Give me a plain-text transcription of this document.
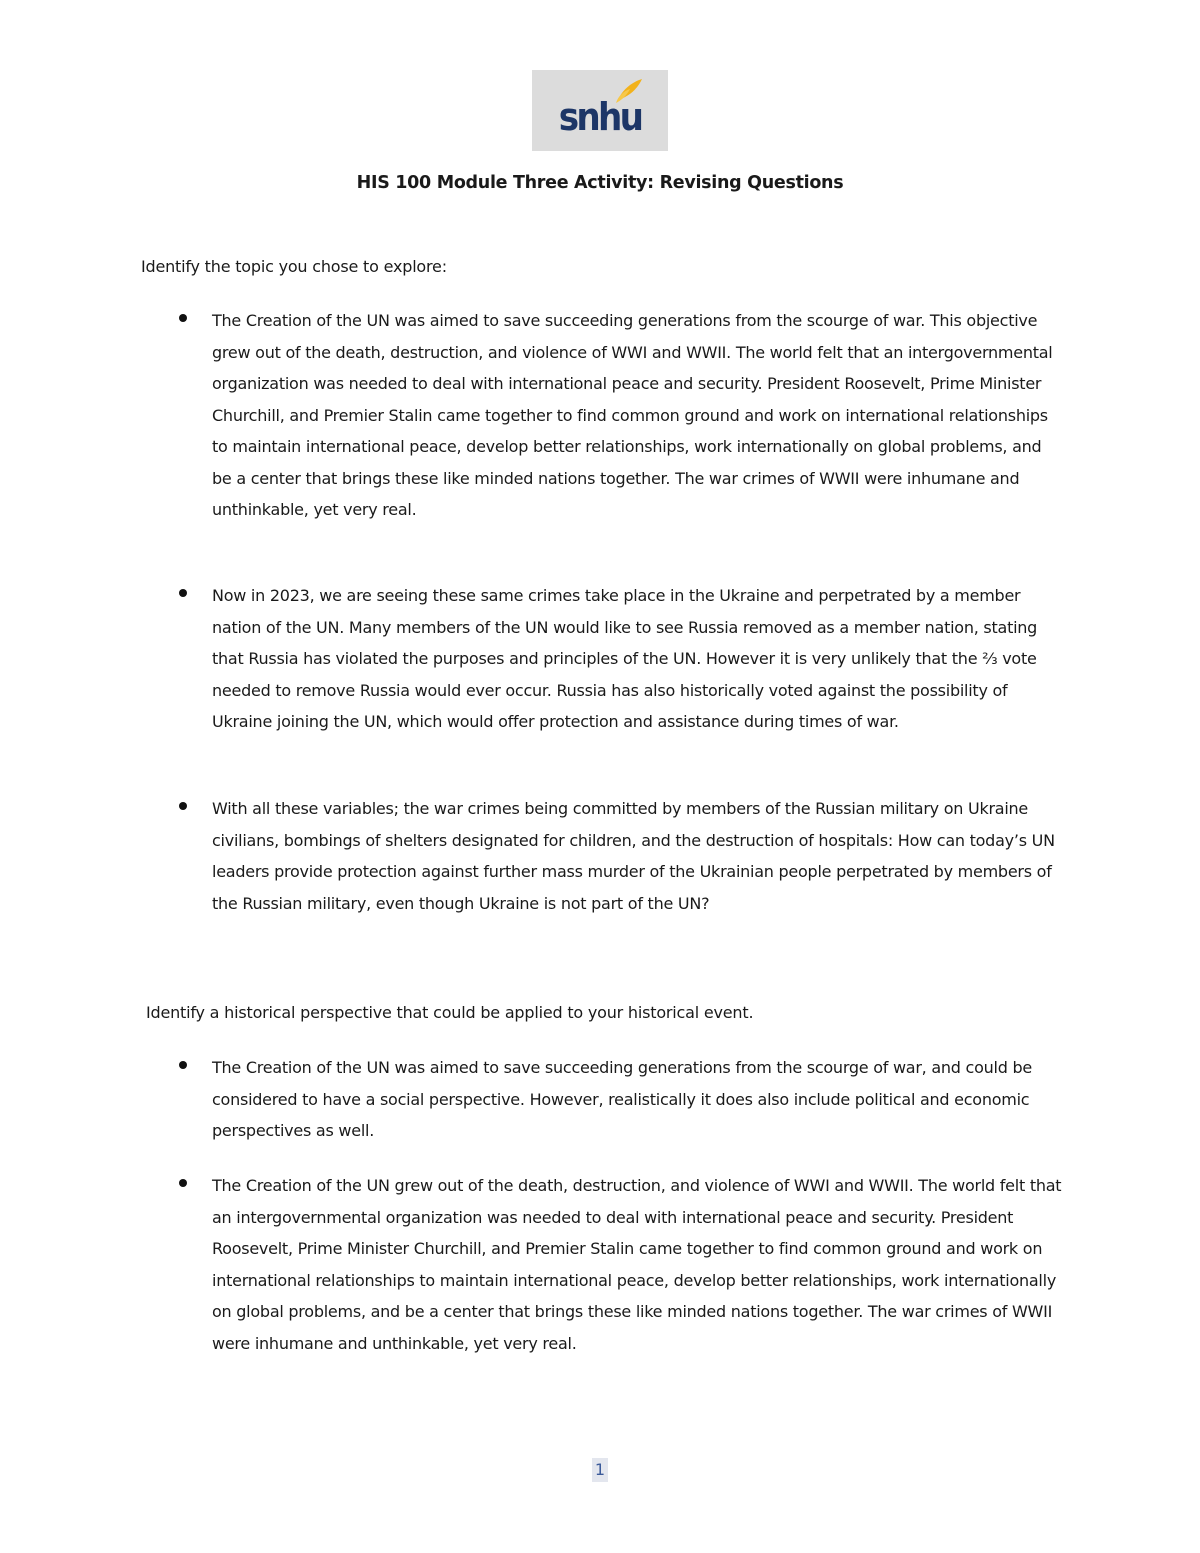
snhu
HIS 100 Module Three Activity: Revising Questions
Identify the topic you chose to explore:
The Creation of the UN was aimed to save succeeding generations from the scourge of war. This objective grew out of the death, destruction, and violence of WWI and WWII. The world felt that an intergovernmental organization was needed to deal with international peace and security. President Roosevelt, Prime Minister Churchill, and Premier Stalin came together to find common ground and work on international relationships to maintain international peace, develop better relationships, work internationally on global problems, and be a center that brings these like minded nations together. The war crimes of WWII were inhumane and unthinkable, yet very real.
Now in 2023, we are seeing these same crimes take place in the Ukraine and perpetrated by a member nation of the UN. Many members of the UN would like to see Russia removed as a member nation, stating that Russia has violated the purposes and principles of the UN. However it is very unlikely that the ⅔ vote needed to remove Russia would ever occur. Russia has also historically voted against the possibility of Ukraine joining the UN, which would offer protection and assistance during times of war.
With all these variables; the war crimes being committed by members of the Russian military on Ukraine civilians, bombings of shelters designated for children, and the destruction of hospitals: How can today’s UN leaders provide protection against further mass murder of the Ukrainian people perpetrated by members of the Russian military, even though Ukraine is not part of the UN?
Identify a historical perspective that could be applied to your historical event.
The Creation of the UN was aimed to save succeeding generations from the scourge of war, and could be considered to have a social perspective. However, realistically it does also include political and economic perspectives as well.
The Creation of the UN grew out of the death, destruction, and violence of WWI and WWII. The world felt that an intergovernmental organization was needed to deal with international peace and security. President Roosevelt, Prime Minister Churchill, and Premier Stalin came together to find common ground and work on international relationships to maintain international peace, develop better relationships, work internationally on global problems, and be a center that brings these like minded nations together. The war crimes of WWII were inhumane and unthinkable, yet very real.
1
